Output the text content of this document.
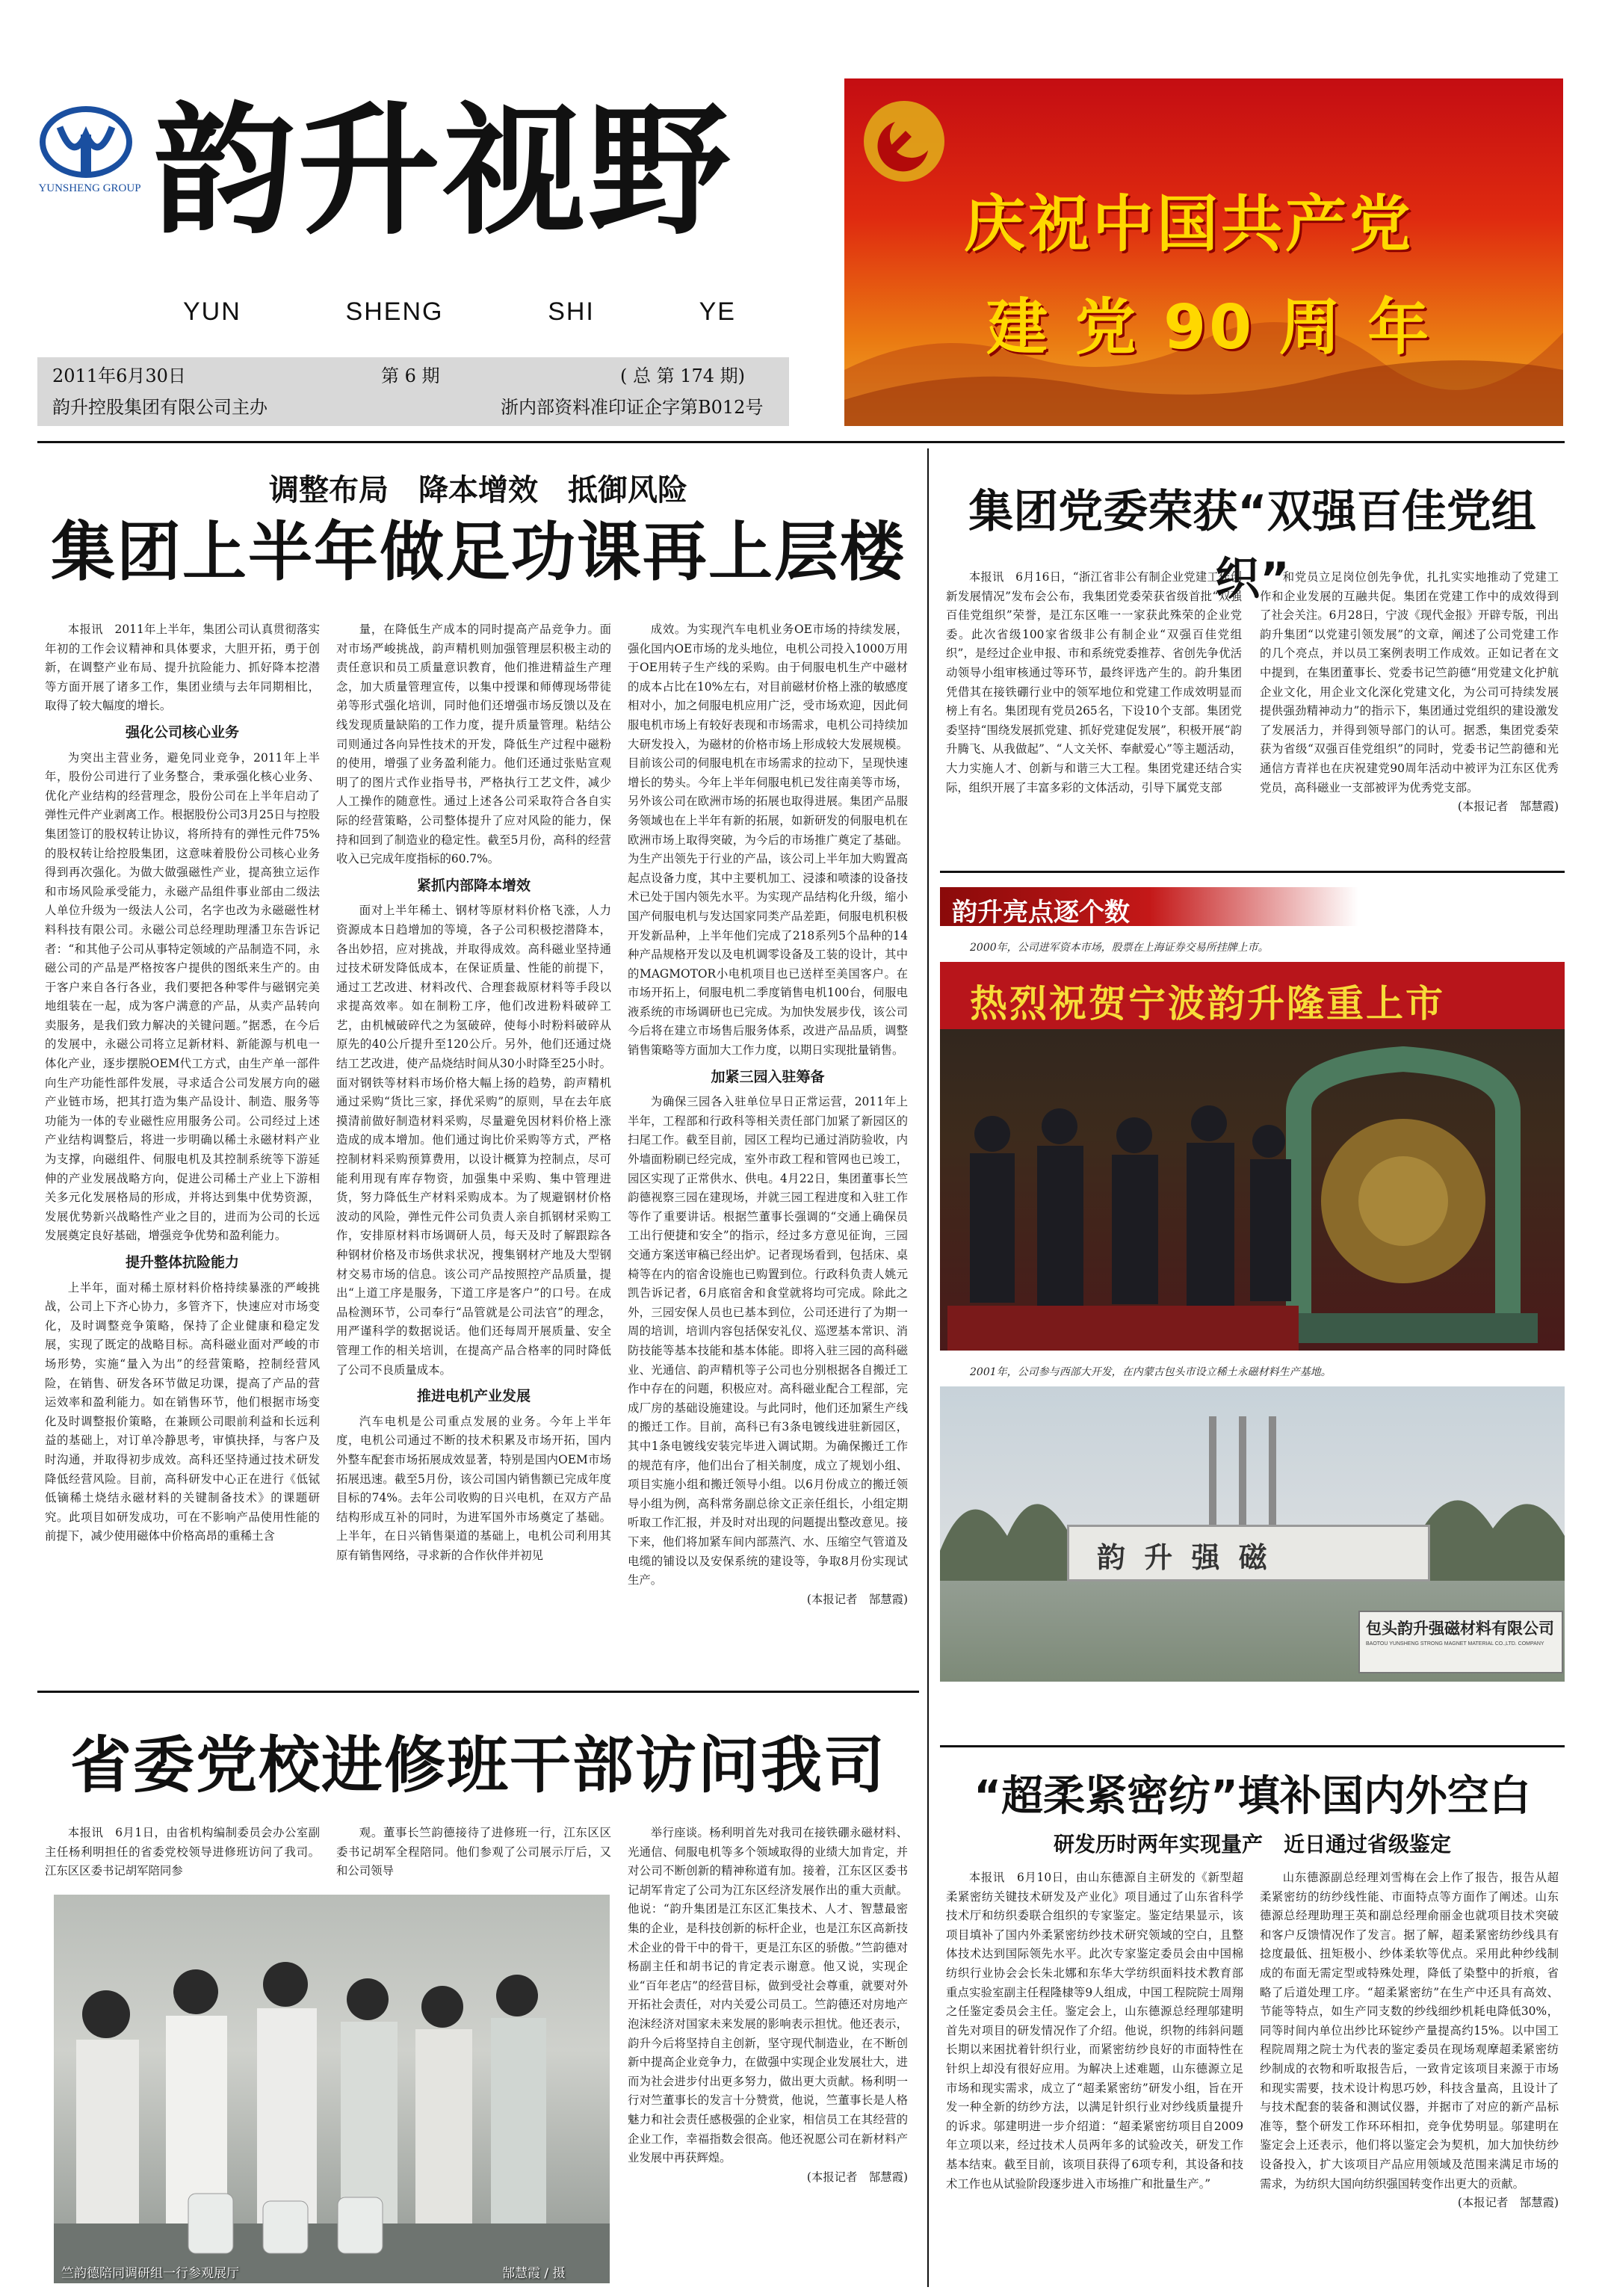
YUNSHENG GROUP 韵升视野
YUN	SHENG	SHI	YE
2011年6月30日	第 6 期	( 总 第 174 期)
韵升控股集团有限公司主办	浙内部资料准印证企字第B012号
庆祝中国共产党
建 党 90 周 年
调整布局　降本增效　抵御风险
集团上半年做足功课再上层楼

本报讯　2011年上半年，集团公司认真贯彻落实年初的工作会议精神和具体要求，大胆开拓，勇于创新，在调整产业布局、提升抗险能力、抓好降本挖潜等方面开展了诸多工作，集团业绩与去年同期相比，取得了较大幅度的增长。

强化公司核心业务

为突出主营业务，避免同业竞争，2011年上半年，股份公司进行了业务整合，秉承强化核心业务、优化产业结构的经营理念，股份公司在上半年启动了弹性元件产业剥离工作。根据股份公司3月25日与控股集团签订的股权转让协议，将所持有的弹性元件75%的股权转让给控股集团，这意味着股份公司核心业务得到再次强化。为做大做强磁性产业，提高独立运作和市场风险承受能力，永磁产品组件事业部由二级法人单位升级为一级法人公司，名字也改为永磁磁性材料科技有限公司。永磁公司总经理助理潘卫东告诉记者：“和其他子公司从事特定领域的产品制造不同，永磁公司的产品是严格按客户提供的图纸来生产的。由于客户来自各行各业，我们要把各种零件与磁钢完美地组装在一起，成为客户满意的产品，从卖产品转向卖服务，是我们致力解决的关键问题。”据悉，在今后的发展中，永磁公司将立足新材料、新能源与机电一体化产业，逐步摆脱OEM代工方式，由生产单一部件向生产功能性部件发展，寻求适合公司发展方向的磁产业链市场，把其打造为集产品设计、制造、服务等功能为一体的专业磁性应用服务公司。公司经过上述产业结构调整后，将进一步明确以稀土永磁材料产业为支撑，向磁组件、伺服电机及其控制系统等下游延伸的产业发展战略方向，促进公司稀土产业上下游相关多元化发展格局的形成，并将达到集中优势资源，发展优势新兴战略性产业之目的，进而为公司的长远发展奠定良好基础，增强竞争优势和盈利能力。

提升整体抗险能力

上半年，面对稀土原材料价格持续暴涨的严峻挑战，公司上下齐心协力，多管齐下，快速应对市场变化，及时调整竞争策略，保持了企业健康和稳定发展，实现了既定的战略目标。高科磁业面对严峻的市场形势，实施“量入为出”的经营策略，控制经营风险，在销售、研发各环节做足功课，提高了产品的营运效率和盈利能力。如在销售环节，他们根据市场变化及时调整报价策略，在兼顾公司眼前利益和长远利益的基础上，对订单冷静思考，审慎抉择，与客户及时沟通，并取得初步成效。高科还坚持通过技术研发降低经营风险。目前，高科研发中心正在进行《低铽低镝稀土烧结永磁材料的关键制备技术》的课题研究。此项目如研发成功，可在不影响产品使用性能的前提下，减少使用磁体中价格高昂的重稀土含

量，在降低生产成本的同时提高产品竞争力。面对市场严峻挑战，韵声精机则加强管理层积极主动的责任意识和员工质量意识教育，他们推进精益生产理念，加大质量管理宣传，以集中授课和师傅现场带徒弟等形式强化培训，同时他们还增强市场反馈以及在线发现质量缺陷的工作力度，提升质量管理。粘结公司则通过各向异性技术的开发，降低生产过程中磁粉的使用，增强了业务盈利能力。他们还通过张贴宣观明了的图片式作业指导书，严格执行工艺文件，减少人工操作的随意性。通过上述各公司采取符合各自实际的经营策略，公司整体提升了应对风险的能力，保持和回到了制造业的稳定性。截至5月份，高科的经营收入已完成年度指标的60.7%。

紧抓内部降本增效

面对上半年稀土、钢材等原材料价格飞涨，人力资源成本日趋增加的等境，各子公司积极挖潜降本，各出妙招，应对挑战，并取得成效。高科磁业坚持通过技术研发降低成本，在保证质量、性能的前提下，通过工艺改进、材料改代、合理套裁原材料等手段以求提高效率。如在制粉工序，他们改进粉料破碎工艺，由机械破碎代之为氢破碎，使每小时粉料破碎从原先的40公斤提升至120公斤。另外，他们还通过烧结工艺改进，使产品烧结时间从30小时降至25小时。面对钢铁等材料市场价格大幅上扬的趋势，韵声精机通过采购“货比三家，择优采购”的原则，早在去年底摸清前做好制造材料采购，尽量避免因材料价格上涨造成的成本增加。他们通过询比价采购等方式，严格控制材料采购预算费用，以设计概算为控制点，尽可能利用现有库存物资，加强集中采购、集中管理进货，努力降低生产材料采购成本。为了规避钢材价格波动的风险，弹性元件公司负责人亲自抓钢材采购工作，安排原材料市场调研人员，每天及时了解跟踪各种钢材价格及市场供求状况，搜集钢材产地及大型钢材交易市场的信息。该公司产品按照控产品质量，提出“上道工序是服务，下道工序是客户”的口号。在成品检测环节，公司奉行“品管就是公司法官”的理念，用严谨科学的数据说话。他们还每周开展质量、安全管理工作的相关培训，在提高产品合格率的同时降低了公司不良质量成本。

推进电机产业发展

汽车电机是公司重点发展的业务。今年上半年度，电机公司通过不断的技术积累及市场开拓，国内外整车配套市场拓展成效显著，特别是国内OEM市场拓展迅速。截至5月份，该公司国内销售额已完成年度目标的74%。去年公司收购的日兴电机，在双方产品结构形成互补的同时，为进军国外市场奠定了基础。上半年，在日兴销售渠道的基础上，电机公司利用其原有销售网络，寻求新的合作伙伴并初见

成效。为实现汽车电机业务OE市场的持续发展，强化国内OE市场的龙头地位，电机公司投入1000万用于OE用转子生产线的采购。由于伺服电机生产中磁材的成本占比在10%左右，对目前磁材价格上涨的敏感度相对小，加之伺服电机应用广泛，受市场欢迎，因此伺服电机市场上有较好表现和市场需求，电机公司持续加大研发投入，为磁材的价格市场上形成较大发展规模。目前该公司的伺服电机在市场需求的拉动下，呈现快速增长的势头。今年上半年伺服电机已发往南美等市场，另外该公司在欧洲市场的拓展也取得进展。集团产品服务领域也在上半年有新的拓展，如新研发的伺服电机在欧洲市场上取得突破，为今后的市场推广奠定了基础。为生产出领先于行业的产品，该公司上半年加大购置高起点设备力度，其中主要机加工、浸漆和喷漆的设备技术已处于国内领先水平。为实现产品结构化升级，缩小国产伺服电机与发达国家同类产品差距，伺服电机积极开发新品种，上半年他们完成了218系列5个品种的14种产品规格开发以及电机调零设备及工装的设计，其中的MAGMOTOR小电机项目也已送样至美国客户。在市场开拓上，伺服电机二季度销售电机100台，伺服电液系统的市场调研也已完成。为加快发展步伐，该公司今后将在建立市场售后服务体系，改进产品品质，调整销售策略等方面加大工作力度，以期日实现批量销售。

加紧三园入驻筹备

为确保三园各入驻单位早日正常运营，2011年上半年，工程部和行政科等相关责任部门加紧了新园区的扫尾工作。截至目前，园区工程均已通过消防验收，内外墙面粉刷已经完成，室外市政工程和管网也已竣工，园区实现了正常供水、供电。4月22日，集团董事长竺韵德视察三园在建现场，并就三园工程进度和入驻工作等作了重要讲话。根据竺董事长强调的“交通上确保员工出行便捷和安全”的指示，经过多方意见征询，三园交通方案送审稿已经出炉。记者现场看到，包括床、桌椅等在内的宿舍设施也已购置到位。行政科负责人姚元凯告诉记者，6月底宿舍和食堂就将均可完成。除此之外，三园安保人员也已基本到位，公司还进行了为期一周的培训，培训内容包括保安礼仪、巡逻基本常识、消防技能等基本技能和基本体能。即将入驻三园的高科磁业、光通信、韵声精机等子公司也分别根据各自搬迁工作中存在的问题，积极应对。高科磁业配合工程部，完成厂房的基础设施建设。与此同时，他们还加紧生产线的搬迁工作。目前，高科已有3条电镀线进驻新园区，其中1条电镀线安装完毕进入调试期。为确保搬迁工作的规范有序，他们出台了相关制度，成立了规划小组、项目实施小组和搬迁领导小组。以6月份成立的搬迁领导小组为例，高科常务副总徐文正亲任组长，小组定期听取工作汇报，并及时对出现的问题提出整改意见。接下来，他们将加紧车间内部蒸汽、水、压缩空气管道及电缆的铺设以及安保系统的建设等，争取8月份实现试生产。

(本报记者　郜慧霞)

集团党委荣获“双强百佳党组织”

本报讯　6月16日，“浙江省非公有制企业党建工作创新发展情况”发布会公布，我集团党委荣获省级首批“双强百佳党组织”荣誉，是江东区唯一一家获此殊荣的企业党委。此次省级100家省级非公有制企业“双强百佳党组织”，是经过企业申报、市和系统党委推荐、省创先争优活动领导小组审核通过等环节，最终评选产生的。韵升集团凭借其在接铁硼行业中的领军地位和党建工作成效明显而榜上有名。集团现有党员265名，下设10个支部。集团党委坚持“围绕发展抓党建、抓好党建促发展”，积极开展“韵升腾飞、从我做起”、“人文关怀、奉献爱心”等主题活动，大力实施人才、创新与和谐三大工程。集团党建还结合实际，组织开展了丰富多彩的文体活动，引导下属党支部

和党员立足岗位创先争优，扎扎实实地推动了党建工作和企业发展的互融共促。集团在党建工作中的成效得到了社会关注。6月28日，宁波《现代金报》开辟专版，刊出韵升集团“以党建引领发展”的文章，阐述了公司党建工作的几个亮点，并以员工案例表明工作成效。正如记者在文中提到，在集团董事长、党委书记竺韵德“用党建文化护航企业文化，用企业文化深化党建文化，为公司可持续发展提供强劲精神动力”的指示下，集团通过党组织的建设激发了发展活力，并得到领导部门的认可。据悉，集团党委荣获为省级“双强百佳党组织”的同时，党委书记竺韵德和光通信方青祥也在庆祝建党90周年活动中被评为江东区优秀党员，高科磁业一支部被评为优秀党支部。

(本报记者　郜慧霞)

韵升亮点逐个数
2000年，公司进军资本市场，股票在上海证券交易所挂牌上市。
热烈祝贺宁波韵升隆重上市
2001年，公司参与西部大开发，在内蒙古包头市设立稀土永磁材料生产基地。
韵 升 强 磁
包头韵升强磁材料有限公司
BAOTOU YUNSHENG STRONG MAGNET MATERIAL CO.,LTD. COMPANY
省委党校进修班干部访问我司

本报讯　6月1日，由省机构编制委员会办公室副主任杨利明担任的省委党校领导进修班访问了我司。江东区区委书记胡军陪同参

观。董事长竺韵德接待了进修班一行，江东区区委书记胡军全程陪同。他们参观了公司展示厅后，又和公司领导

举行座谈。杨利明首先对我司在接铁硼永磁材料、光通信、伺服电机等多个领域取得的业绩大加肯定，并对公司不断创新的精神称道有加。接着，江东区区委书记胡军肯定了公司为江东区经济发展作出的重大贡献。他说：“韵升集团是江东区汇集技术、人才、智慧最密集的企业，是科技创新的标杆企业，也是江东区高新技术企业的骨干中的骨干，更是江东区的骄傲。”竺韵德对杨副主任和胡书记的肯定表示谢意。他又说，实现企业“百年老店”的经营目标，做到受社会尊重，就要对外开拓社会责任，对内关爱公司员工。竺韵德还对房地产泡沫经济对国家未来发展的影响表示担忧。他还表示，韵升今后将坚持自主创新，坚守现代制造业，在不断创新中提高企业竞争力，在做强中实现企业发展壮大，进而为社会进步付出更多努力，做出更大贡献。杨利明一行对竺董事长的发言十分赞赏，他说，竺董事长是人格魅力和社会责任感极强的企业家，相信员工在其经营的企业工作，幸福指数会很高。他还祝愿公司在新材料产业发展中再获辉煌。

(本报记者　郜慧霞)

竺韵德陪同调研组一行参观展厅	郜慧霞 / 摄
“超柔紧密纺”填补国内外空白
研发历时两年实现量产　近日通过省级鉴定

本报讯　6月10日，由山东德源自主研发的《新型超柔紧密纺关键技术研发及产业化》项目通过了山东省科学技术厅和纺织委联合组织的专家鉴定。鉴定结果显示，该项目填补了国内外柔紧密纺纱技术研究领域的空白，且整体技术达到国际领先水平。此次专家鉴定委员会由中国棉纺织行业协会会长朱北娜和东华大学纺织面料技术教育部重点实验室副主任程隆棣等9人组成，中国工程院院士周翔之任鉴定委员会主任。鉴定会上，山东德源总经理邬建明首先对项目的研发情况作了介绍。他说，织物的纬斜问题长期以来困扰着针织行业，而紧密纺纱良好的市面特性在针织上却没有很好应用。为解决上述难题，山东德源立足市场和现实需求，成立了“超柔紧密纺”研发小组，旨在开发一种全新的纺纱方法，以满足针织行业对纱线质量提升的诉求。邬建明进一步介绍道：“超柔紧密纺项目自2009年立项以来，经过技术人员两年多的试验改关，研发工作基本结束。截至目前，该项目获得了6项专利，其设备和技术工作也从试验阶段逐步进入市场推广和批量生产。”

山东德源副总经理刘雪梅在会上作了报告，报告从超柔紧密纺的纺纱线性能、市面特点等方面作了阐述。山东德源总经理助理王英和副总经理俞丽金也就项目技术突破和客户反馈情况作了发言。据了解，超柔紧密纺纱线具有捻度最低、扭矩极小、纱体柔软等优点。采用此种纱线制成的布面无需定型或特殊处理，降低了染整中的折痕，省略了后道处理工序。“超柔紧密纺”在生产中还具有高效、节能等特点，如生产同支数的纱线细纱机耗电降低30%，同等时间内单位出纱比环锭纱产量提高约15%。以中国工程院周翔之院士为代表的鉴定委员在现场观摩超柔紧密纺纱制成的衣物和听取报告后，一致肯定该项目来源于市场和现实需要，技术设计构思巧妙，科技含量高，且设计了与技术配套的装备和测试仪器，并据市了对应的新产品标准等，整个研发工作环环相扣，竞争优势明显。邬建明在鉴定会上还表示，他们将以鉴定会为契机，加大加快纺纱设备投入，扩大该项目产品应用领域及范围来满足市场的需求，为纺织大国向纺织强国转变作出更大的贡献。

(本报记者　郜慧霞)
